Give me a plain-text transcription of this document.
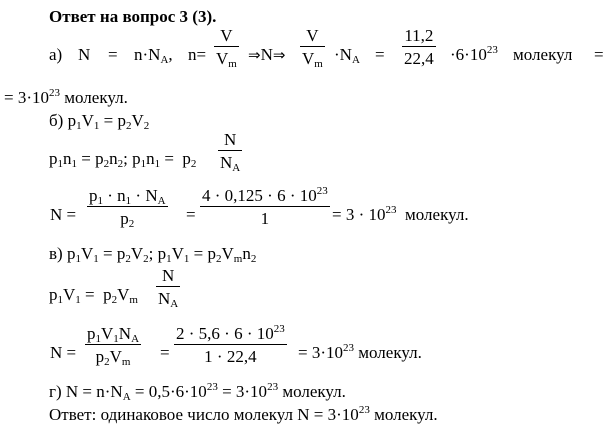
Ответ на вопрос 3 (3).
а) $N = n\cdot N_A$, $n= \frac{V}{V_m}$ ⇒N⇒ $\frac{V}{V_m} \cdot N_A = \frac{11,2}{22,4} \cdot 6\cdot 10^{23}$ молекул =
= $3\cdot 10^{23}$ молекул.
б) $p_1V_1 = p_2V_2$
$p_1n_1 = p_2n_2$; $p_1n_1 = p_2 \frac{N}{N_A}$
$N = \frac{p_1 \cdot n_1 \cdot N_A}{p_2} = \frac{4 \cdot 0,125 \cdot 6 \cdot 10^{23}}{1} = 3 \cdot 10^{23}$ молекул.
в) $p_1V_1 = p_2V_2$; $p_1V_1 = p_2V_mn_2$
$p_1V_1 = p_2V_m \frac{N}{N_A}$
$N = \frac{p_1V_1N_A}{p_2V_m} = \frac{2 \cdot 5,6 \cdot 6 \cdot 10^{23}}{1 \cdot 22,4} = 3\cdot 10^{23}$ молекул.
г) $N = n\cdot N_A = 0,5\cdot 6\cdot 10^{23} = 3\cdot 10^{23}$ молекул.
Ответ: одинаковое число молекул $N = 3\cdot 10^{23}$ молекул.
